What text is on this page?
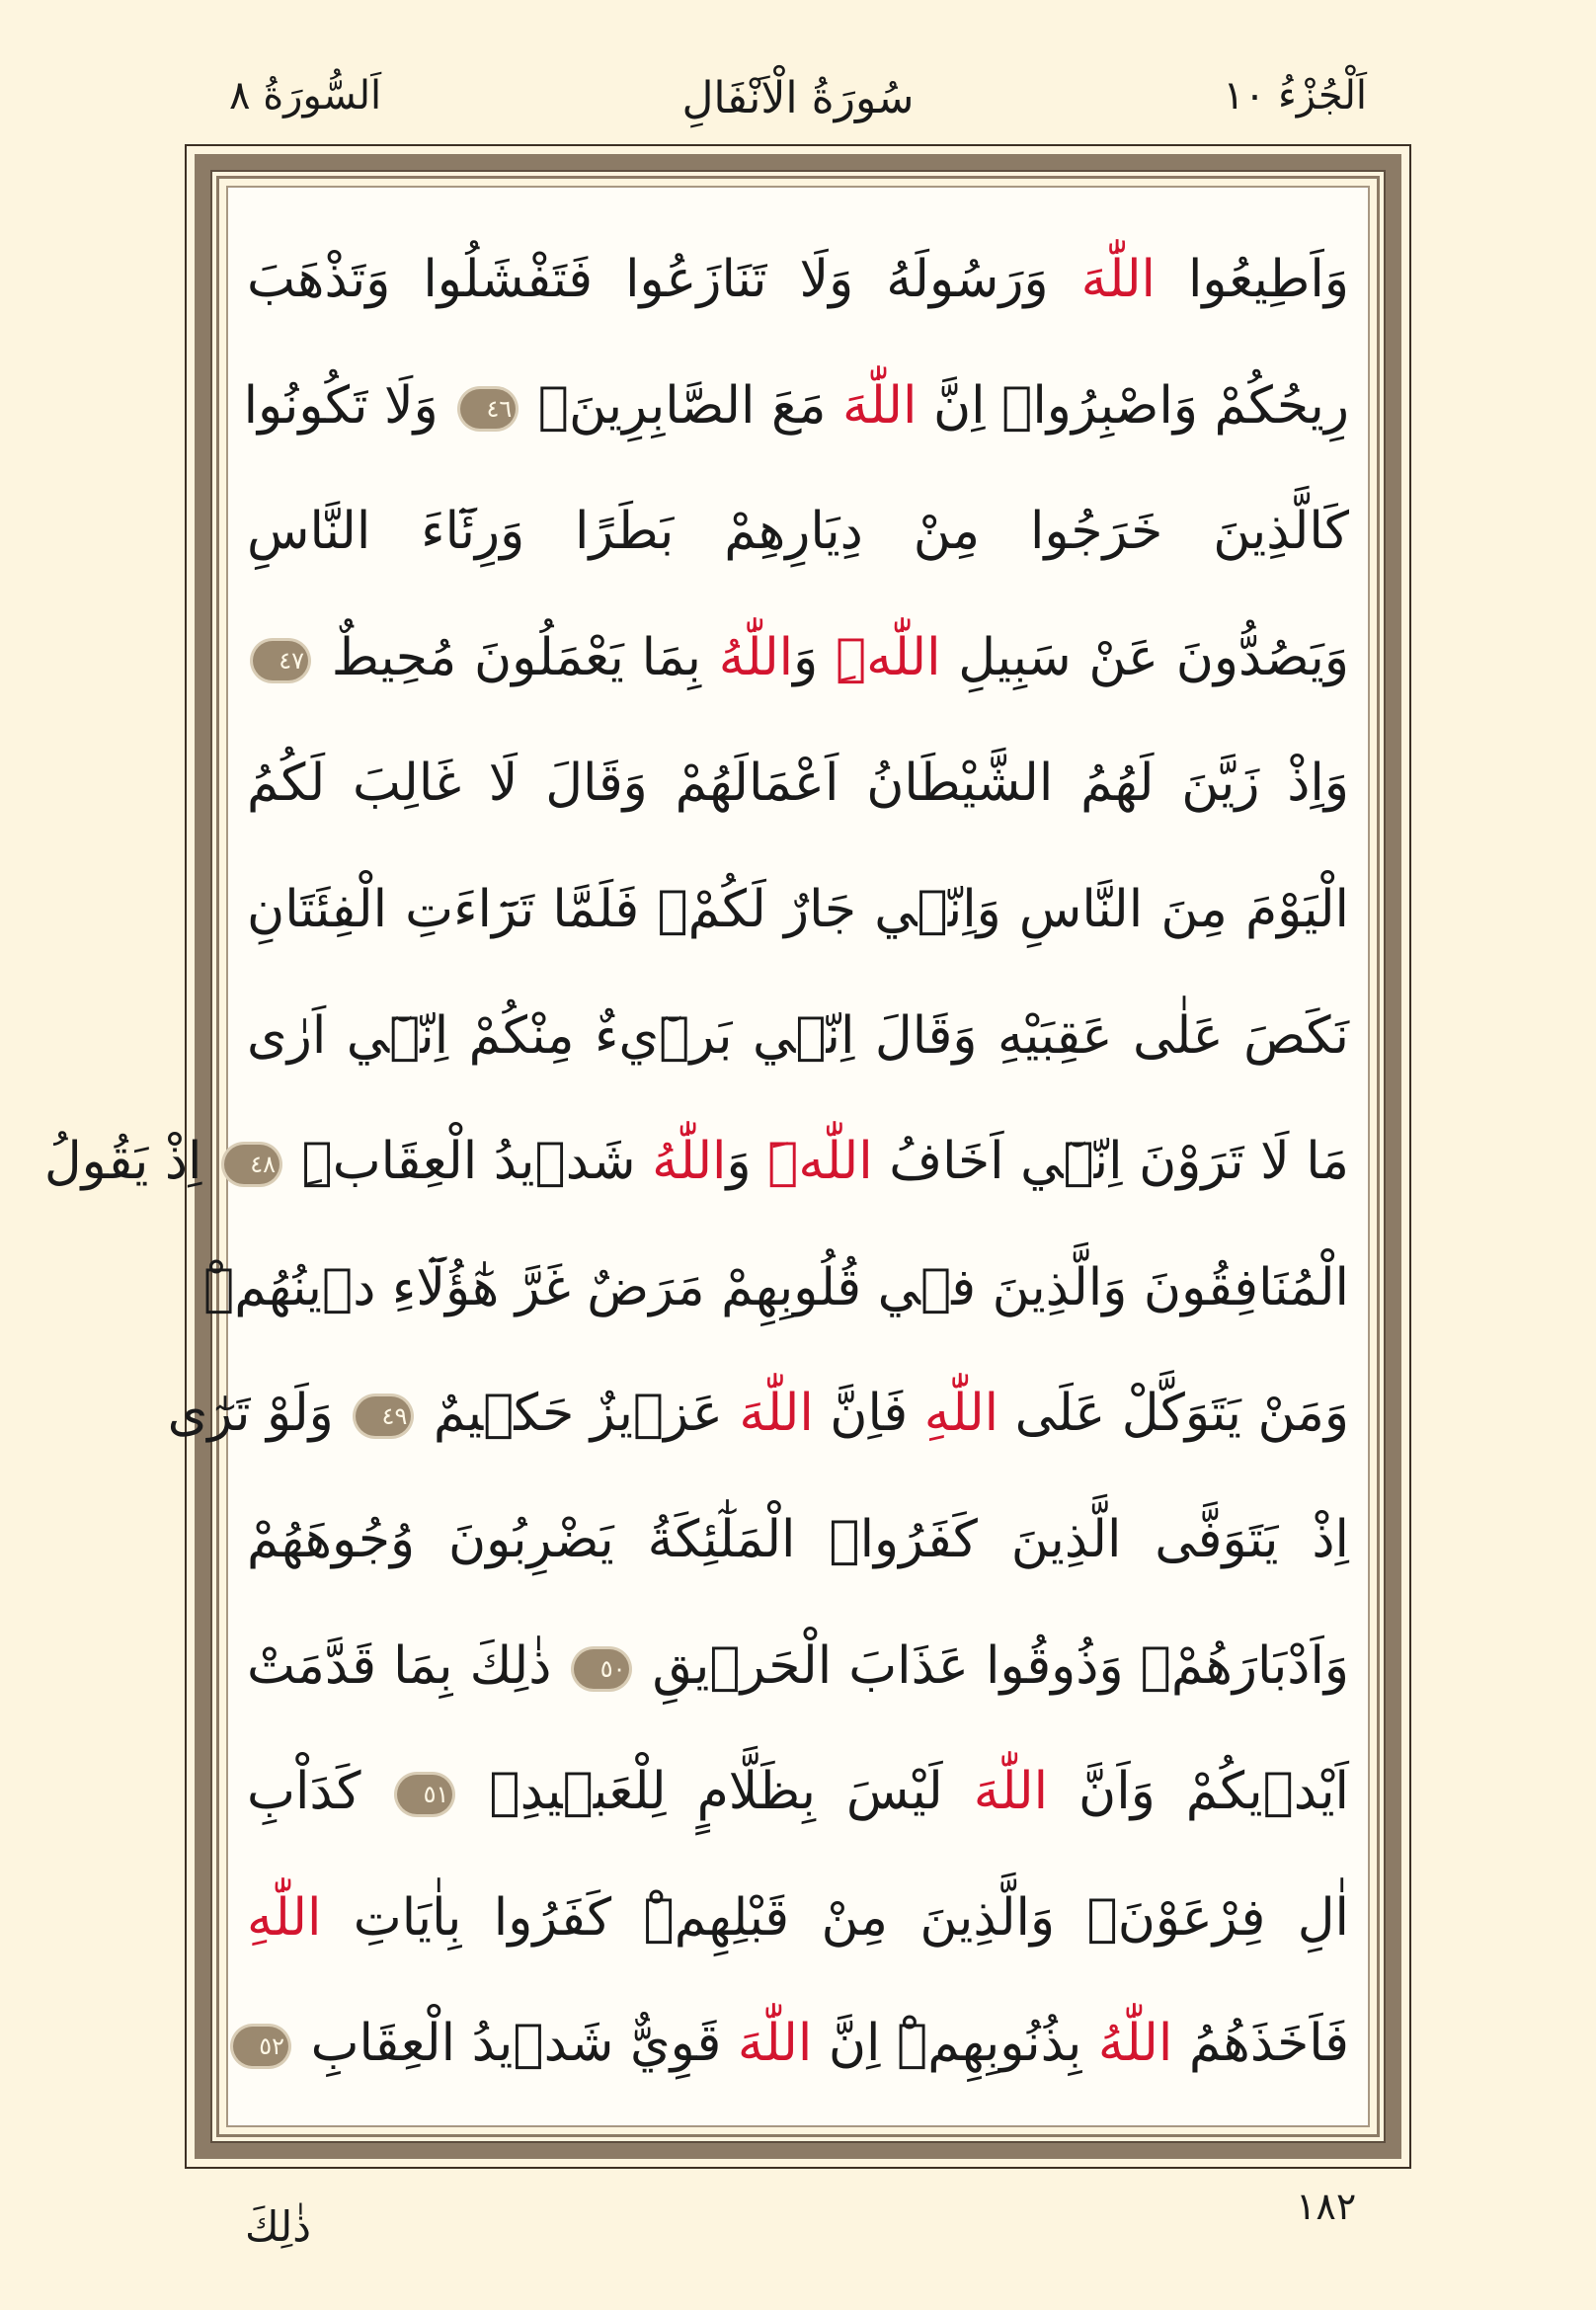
اَلْجُزْءُ ١٠
سُورَةُ الْاَنْفَالِ
اَلسُّورَةُ ٨
وَاَطِيعُوا اللّٰهَ وَرَسُولَهُ وَلَا تَنَازَعُوا فَتَفْشَلُوا وَتَذْهَبَ
رِيحُكُمْ وَاصْبِرُواۜ اِنَّ اللّٰهَ مَعَ الصَّابِرِينَۚ ٤٦ وَلَا تَكُونُوا
كَالَّذِينَ خَرَجُوا مِنْ دِيَارِهِمْ بَطَرًا وَرِئَٓاءَ النَّاسِ
وَيَصُدُّونَ عَنْ سَبِيلِ اللّٰهِۜ وَاللّٰهُ بِمَا يَعْمَلُونَ مُحِيطٌ ٤٧
وَاِذْ زَيَّنَ لَهُمُ الشَّيْطَانُ اَعْمَالَهُمْ وَقَالَ لَا غَالِبَ لَكُمُ
الْيَوْمَ مِنَ النَّاسِ وَاِنّ۪ي جَارٌ لَكُمْۚ فَلَمَّا تَرَٓاءَتِ الْفِئَتَانِ
نَكَصَ عَلٰى عَقِبَيْهِ وَقَالَ اِنّ۪ي بَر۪ٓيءٌ مِنْكُمْ اِنّ۪ٓي اَرٰى
مَا لَا تَرَوْنَ اِنّ۪ٓي اَخَافُ اللّٰهَۜ وَاللّٰهُ شَد۪يدُ الْعِقَابِۜ ٤٨ اِذْ يَقُولُ
الْمُنَافِقُونَ وَالَّذِينَ ف۪ي قُلُوبِهِمْ مَرَضٌ غَرَّ هٰٓؤُلَٓاءِ د۪ينُهُمْۜ
وَمَنْ يَتَوَكَّلْ عَلَى اللّٰهِ فَاِنَّ اللّٰهَ عَز۪يزٌ حَك۪يمٌ ٤٩ وَلَوْ تَرٰٓى
اِذْ يَتَوَفَّى الَّذِينَ كَفَرُواۙ الْمَلٰٓئِكَةُ يَضْرِبُونَ وُجُوهَهُمْ
وَاَدْبَارَهُمْۚ وَذُوقُوا عَذَابَ الْحَر۪يقِ ٥٠ ذٰلِكَ بِمَا قَدَّمَتْ
اَيْد۪يكُمْ وَاَنَّ اللّٰهَ لَيْسَ بِظَلَّامٍ لِلْعَب۪يدِۙ ٥١ كَدَاْبِ
اٰلِ فِرْعَوْنَۙ وَالَّذِينَ مِنْ قَبْلِهِمْۜ كَفَرُوا بِاٰيَاتِ اللّٰهِ
فَاَخَذَهُمُ اللّٰهُ بِذُنُوبِهِمْۜ اِنَّ اللّٰهَ قَوِيٌّ شَد۪يدُ الْعِقَابِ ٥٢
١٨٢
ذٰلِكَ
